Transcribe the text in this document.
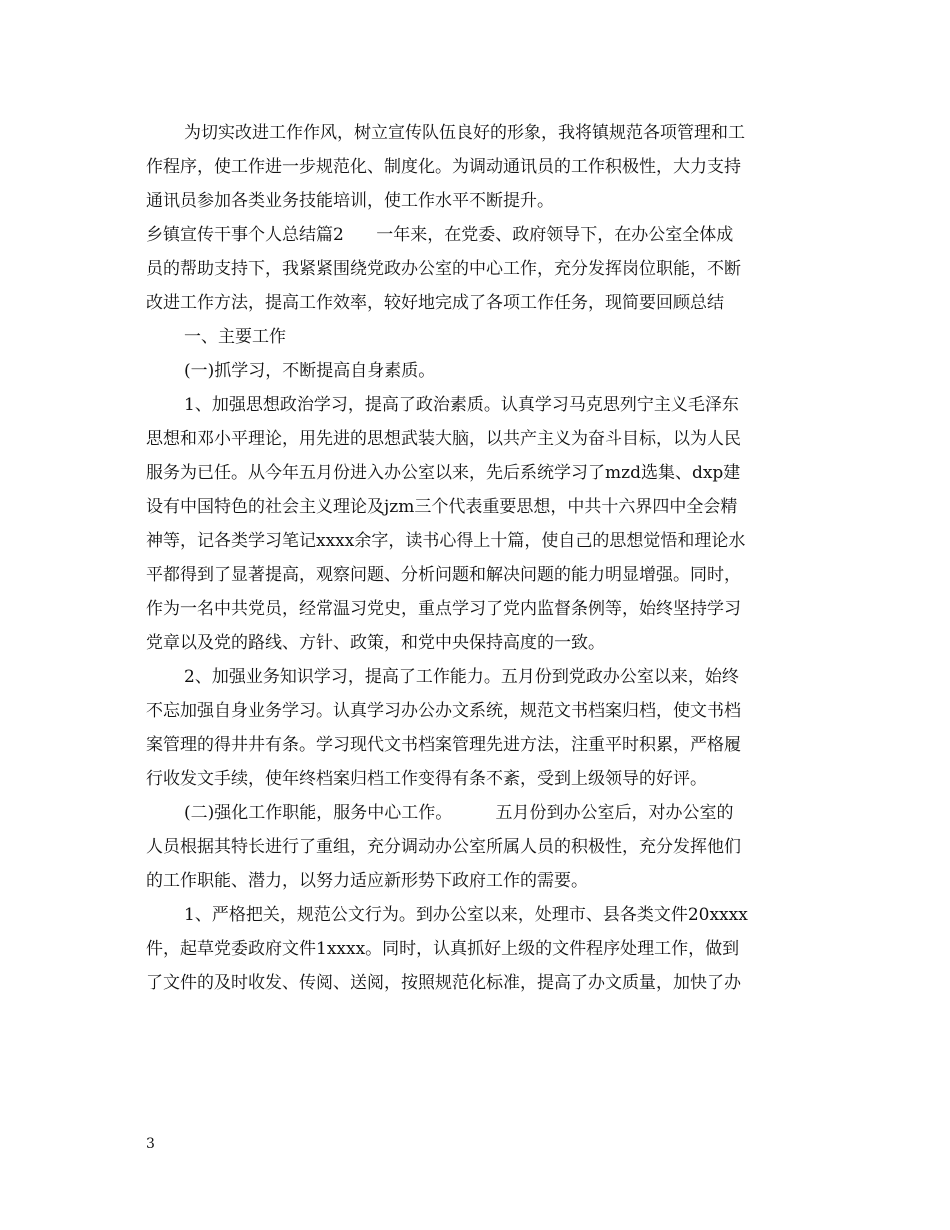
为切实改进工作作风，树立宣传队伍良好的形象，我将镇规范各项管理和工
作程序，使工作进一步规范化、制度化。为调动通讯员的工作积极性，大力支持
通讯员参加各类业务技能培训，使工作水平不断提升。
乡镇宣传干事个人总结篇2      一年来，在党委、政府领导下，在办公室全体成
员的帮助支持下，我紧紧围绕党政办公室的中心工作，充分发挥岗位职能，不断
改进工作方法，提高工作效率，较好地完成了各项工作任务，现简要回顾总结
一、主要工作
(一)抓学习，不断提高自身素质。
1、加强思想政治学习，提高了政治素质。认真学习马克思列宁主义毛泽东
思想和邓小平理论，用先进的思想武装大脑，以共产主义为奋斗目标，以为人民
服务为已任。从今年五月份进入办公室以来，先后系统学习了mzd选集、dxp建
设有中国特色的社会主义理论及jzm三个代表重要思想，中共十六界四中全会精
神等，记各类学习笔记xxxx余字，读书心得上十篇，使自己的思想觉悟和理论水
平都得到了显著提高，观察问题、分析问题和解决问题的能力明显增强。同时，
作为一名中共党员，经常温习党史，重点学习了党内监督条例等，始终坚持学习
党章以及党的路线、方针、政策，和党中央保持高度的一致。
2、加强业务知识学习，提高了工作能力。五月份到党政办公室以来，始终
不忘加强自身业务学习。认真学习办公办文系统，规范文书档案归档，使文书档
案管理的得井井有条。学习现代文书档案管理先进方法，注重平时积累，严格履
行收发文手续，使年终档案归档工作变得有条不紊，受到上级领导的好评。
(二)强化工作职能，服务中心工作。        五月份到办公室后，对办公室的
人员根据其特长进行了重组，充分调动办公室所属人员的积极性，充分发挥他们
的工作职能、潜力，以努力适应新形势下政府工作的需要。
1、严格把关，规范公文行为。到办公室以来，处理市、县各类文件20xxxx
件，起草党委政府文件1xxxx。同时，认真抓好上级的文件程序处理工作，做到
了文件的及时收发、传阅、送阅，按照规范化标准，提高了办文质量，加快了办
3
